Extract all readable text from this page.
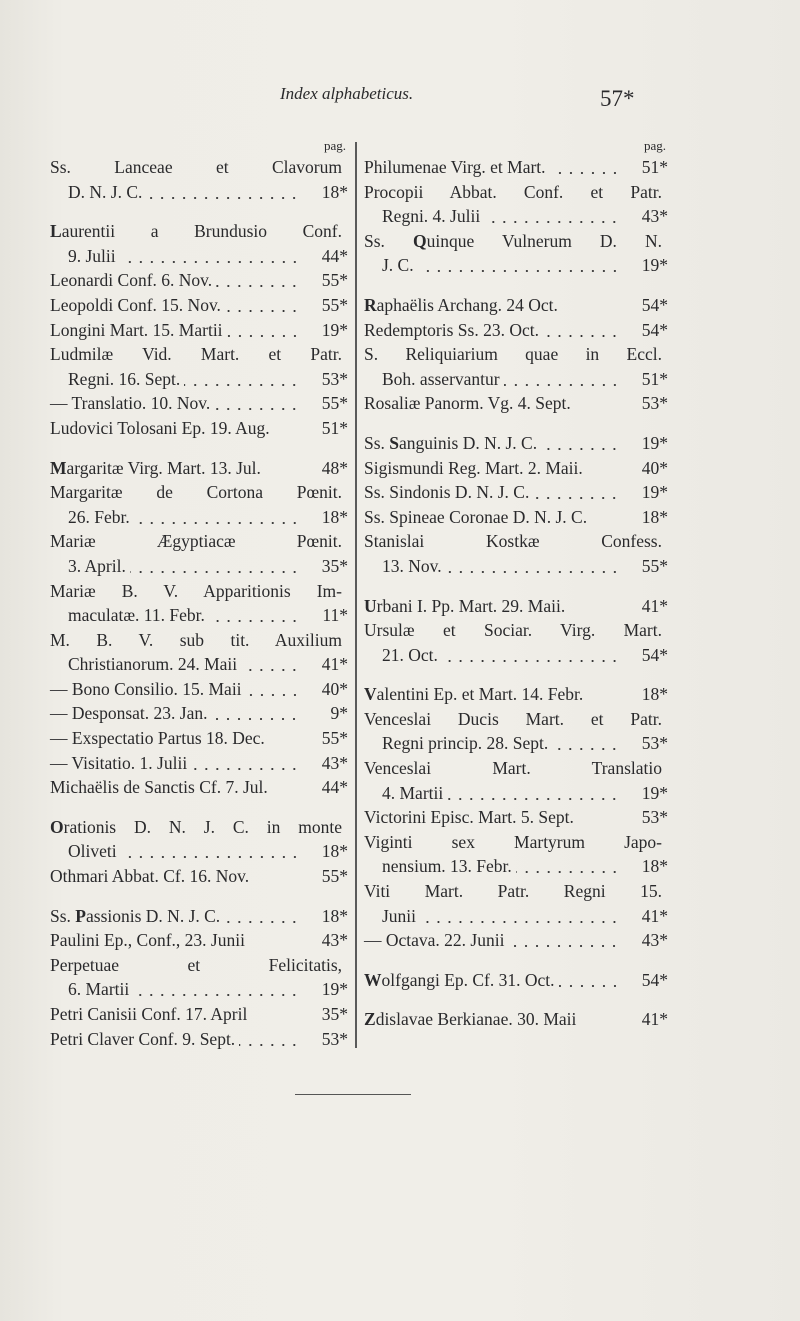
Index alphabeticus.	57*
pag.
Ss. Lanceae et Clavorum
D. N. J. C.	18*
Laurentii a Brundusio Conf.
9. Julii	44*
Leonardi Conf. 6. Nov.	55*
Leopoldi Conf. 15. Nov.	55*
Longini Mart. 15. Martii	19*
Ludmilæ Vid. Mart. et Patr.
Regni. 16. Sept.	53*
— Translatio. 10. Nov.	55*
Ludovici Tolosani Ep. 19. Aug.	51*
Margaritæ Virg. Mart. 13. Jul.	48*
Margaritæ de Cortona Pœnit.
26. Febr.	18*
Mariæ Ægyptiacæ Pœnit.
3. April.	35*
Mariæ B. V. Apparitionis Im-
maculatæ. 11. Febr.	11*
M. B. V. sub tit. Auxilium
Christianorum. 24. Maii	41*
— Bono Consilio. 15. Maii	40*
— Desponsat. 23. Jan.	9*
— Exspectatio Partus 18. Dec.	55*
— Visitatio. 1. Julii	43*
Michaëlis de Sanctis Cf. 7. Jul.	44*
Orationis D. N. J. C. in monte
Oliveti	18*
Othmari Abbat. Cf. 16. Nov.	55*
Ss. Passionis D. N. J. C.	18*
Paulini Ep., Conf., 23. Junii	43*
Perpetuae et Felicitatis,
6. Martii	19*
Petri Canisii Conf. 17. April	35*
Petri Claver Conf. 9. Sept.	53*
pag.
Philumenae Virg. et Mart.	51*
Procopii Abbat. Conf. et Patr.
Regni. 4. Julii	43*
Ss. Quinque Vulnerum D. N.
J. C.	19*
Raphaëlis Archang. 24 Oct.	54*
Redemptoris Ss. 23. Oct.	54*
S. Reliquiarium quae in Eccl.
Boh. asservantur	51*
Rosaliæ Panorm. Vg. 4. Sept.	53*
Ss. Sanguinis D. N. J. C.	19*
Sigismundi Reg. Mart. 2. Maii.	40*
Ss. Sindonis D. N. J. C.	19*
Ss. Spineae Coronae D. N. J. C.	18*
Stanislai Kostkæ Confess.
13. Nov.	55*
Urbani I. Pp. Mart. 29. Maii.	41*
Ursulæ et Sociar. Virg. Mart.
21. Oct.	54*
Valentini Ep. et Mart. 14. Febr.	18*
Venceslai Ducis Mart. et Patr.
Regni princip. 28. Sept.	53*
Venceslai Mart. Translatio
4. Martii	19*
Victorini Episc. Mart. 5. Sept.	53*
Viginti sex Martyrum Japo-
nensium. 13. Febr.	18*
Viti Mart. Patr. Regni 15.
Junii	41*
— Octava. 22. Junii	43*
Wolfgangi Ep. Cf. 31. Oct.	54*
Zdislavae Berkianae. 30. Maii	41*
